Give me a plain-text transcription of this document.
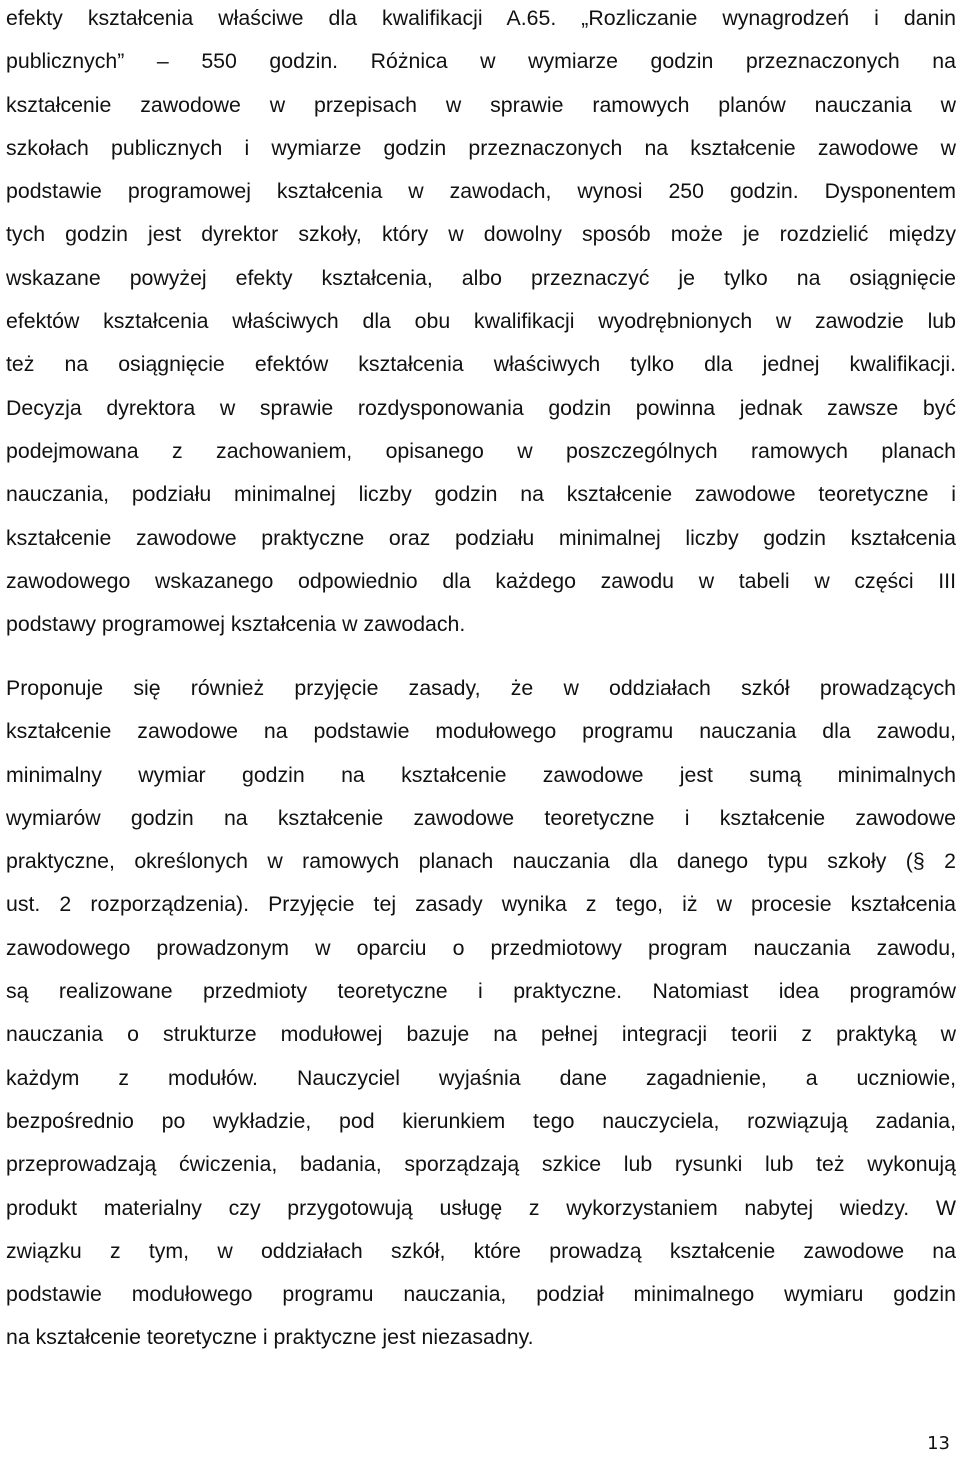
efekty kształcenia właściwe dla kwalifikacji A.65. „Rozliczanie wynagrodzeń i danin
publicznych” – 550 godzin. Różnica w wymiarze godzin przeznaczonych na
kształcenie zawodowe w przepisach w sprawie ramowych planów nauczania w
szkołach publicznych i wymiarze godzin przeznaczonych na kształcenie zawodowe w
podstawie programowej kształcenia w zawodach, wynosi 250 godzin. Dysponentem
tych godzin jest dyrektor szkoły, który w dowolny sposób może je rozdzielić między
wskazane powyżej efekty kształcenia, albo przeznaczyć je tylko na osiągnięcie
efektów kształcenia właściwych dla obu kwalifikacji wyodrębnionych w zawodzie lub
też na osiągnięcie efektów kształcenia właściwych tylko dla jednej kwalifikacji.
Decyzja dyrektora w sprawie rozdysponowania godzin powinna jednak zawsze być
podejmowana z zachowaniem, opisanego w poszczególnych ramowych planach
nauczania, podziału minimalnej liczby godzin na kształcenie zawodowe teoretyczne i
kształcenie zawodowe praktyczne oraz podziału minimalnej liczby godzin kształcenia
zawodowego wskazanego odpowiednio dla każdego zawodu w tabeli w części III
podstawy programowej kształcenia w zawodach.

Proponuje się również przyjęcie zasady, że w oddziałach szkół prowadzących
kształcenie zawodowe na podstawie modułowego programu nauczania dla zawodu,
minimalny wymiar godzin na kształcenie zawodowe jest sumą minimalnych
wymiarów godzin na kształcenie zawodowe teoretyczne i kształcenie zawodowe
praktyczne, określonych w ramowych planach nauczania dla danego typu szkoły (§ 2
ust. 2 rozporządzenia). Przyjęcie tej zasady wynika z tego, iż w procesie kształcenia
zawodowego prowadzonym w oparciu o przedmiotowy program nauczania zawodu,
są realizowane przedmioty teoretyczne i praktyczne. Natomiast idea programów
nauczania o strukturze modułowej bazuje na pełnej integracji teorii z praktyką w
każdym z modułów. Nauczyciel wyjaśnia dane zagadnienie, a uczniowie,
bezpośrednio po wykładzie, pod kierunkiem tego nauczyciela, rozwiązują zadania,
przeprowadzają ćwiczenia, badania, sporządzają szkice lub rysunki lub też wykonują
produkt materialny czy przygotowują usługę z wykorzystaniem nabytej wiedzy. W
związku z tym, w oddziałach szkół, które prowadzą kształcenie zawodowe na
podstawie modułowego programu nauczania, podział minimalnego wymiaru godzin
na kształcenie teoretyczne i praktyczne jest niezasadny.

13
